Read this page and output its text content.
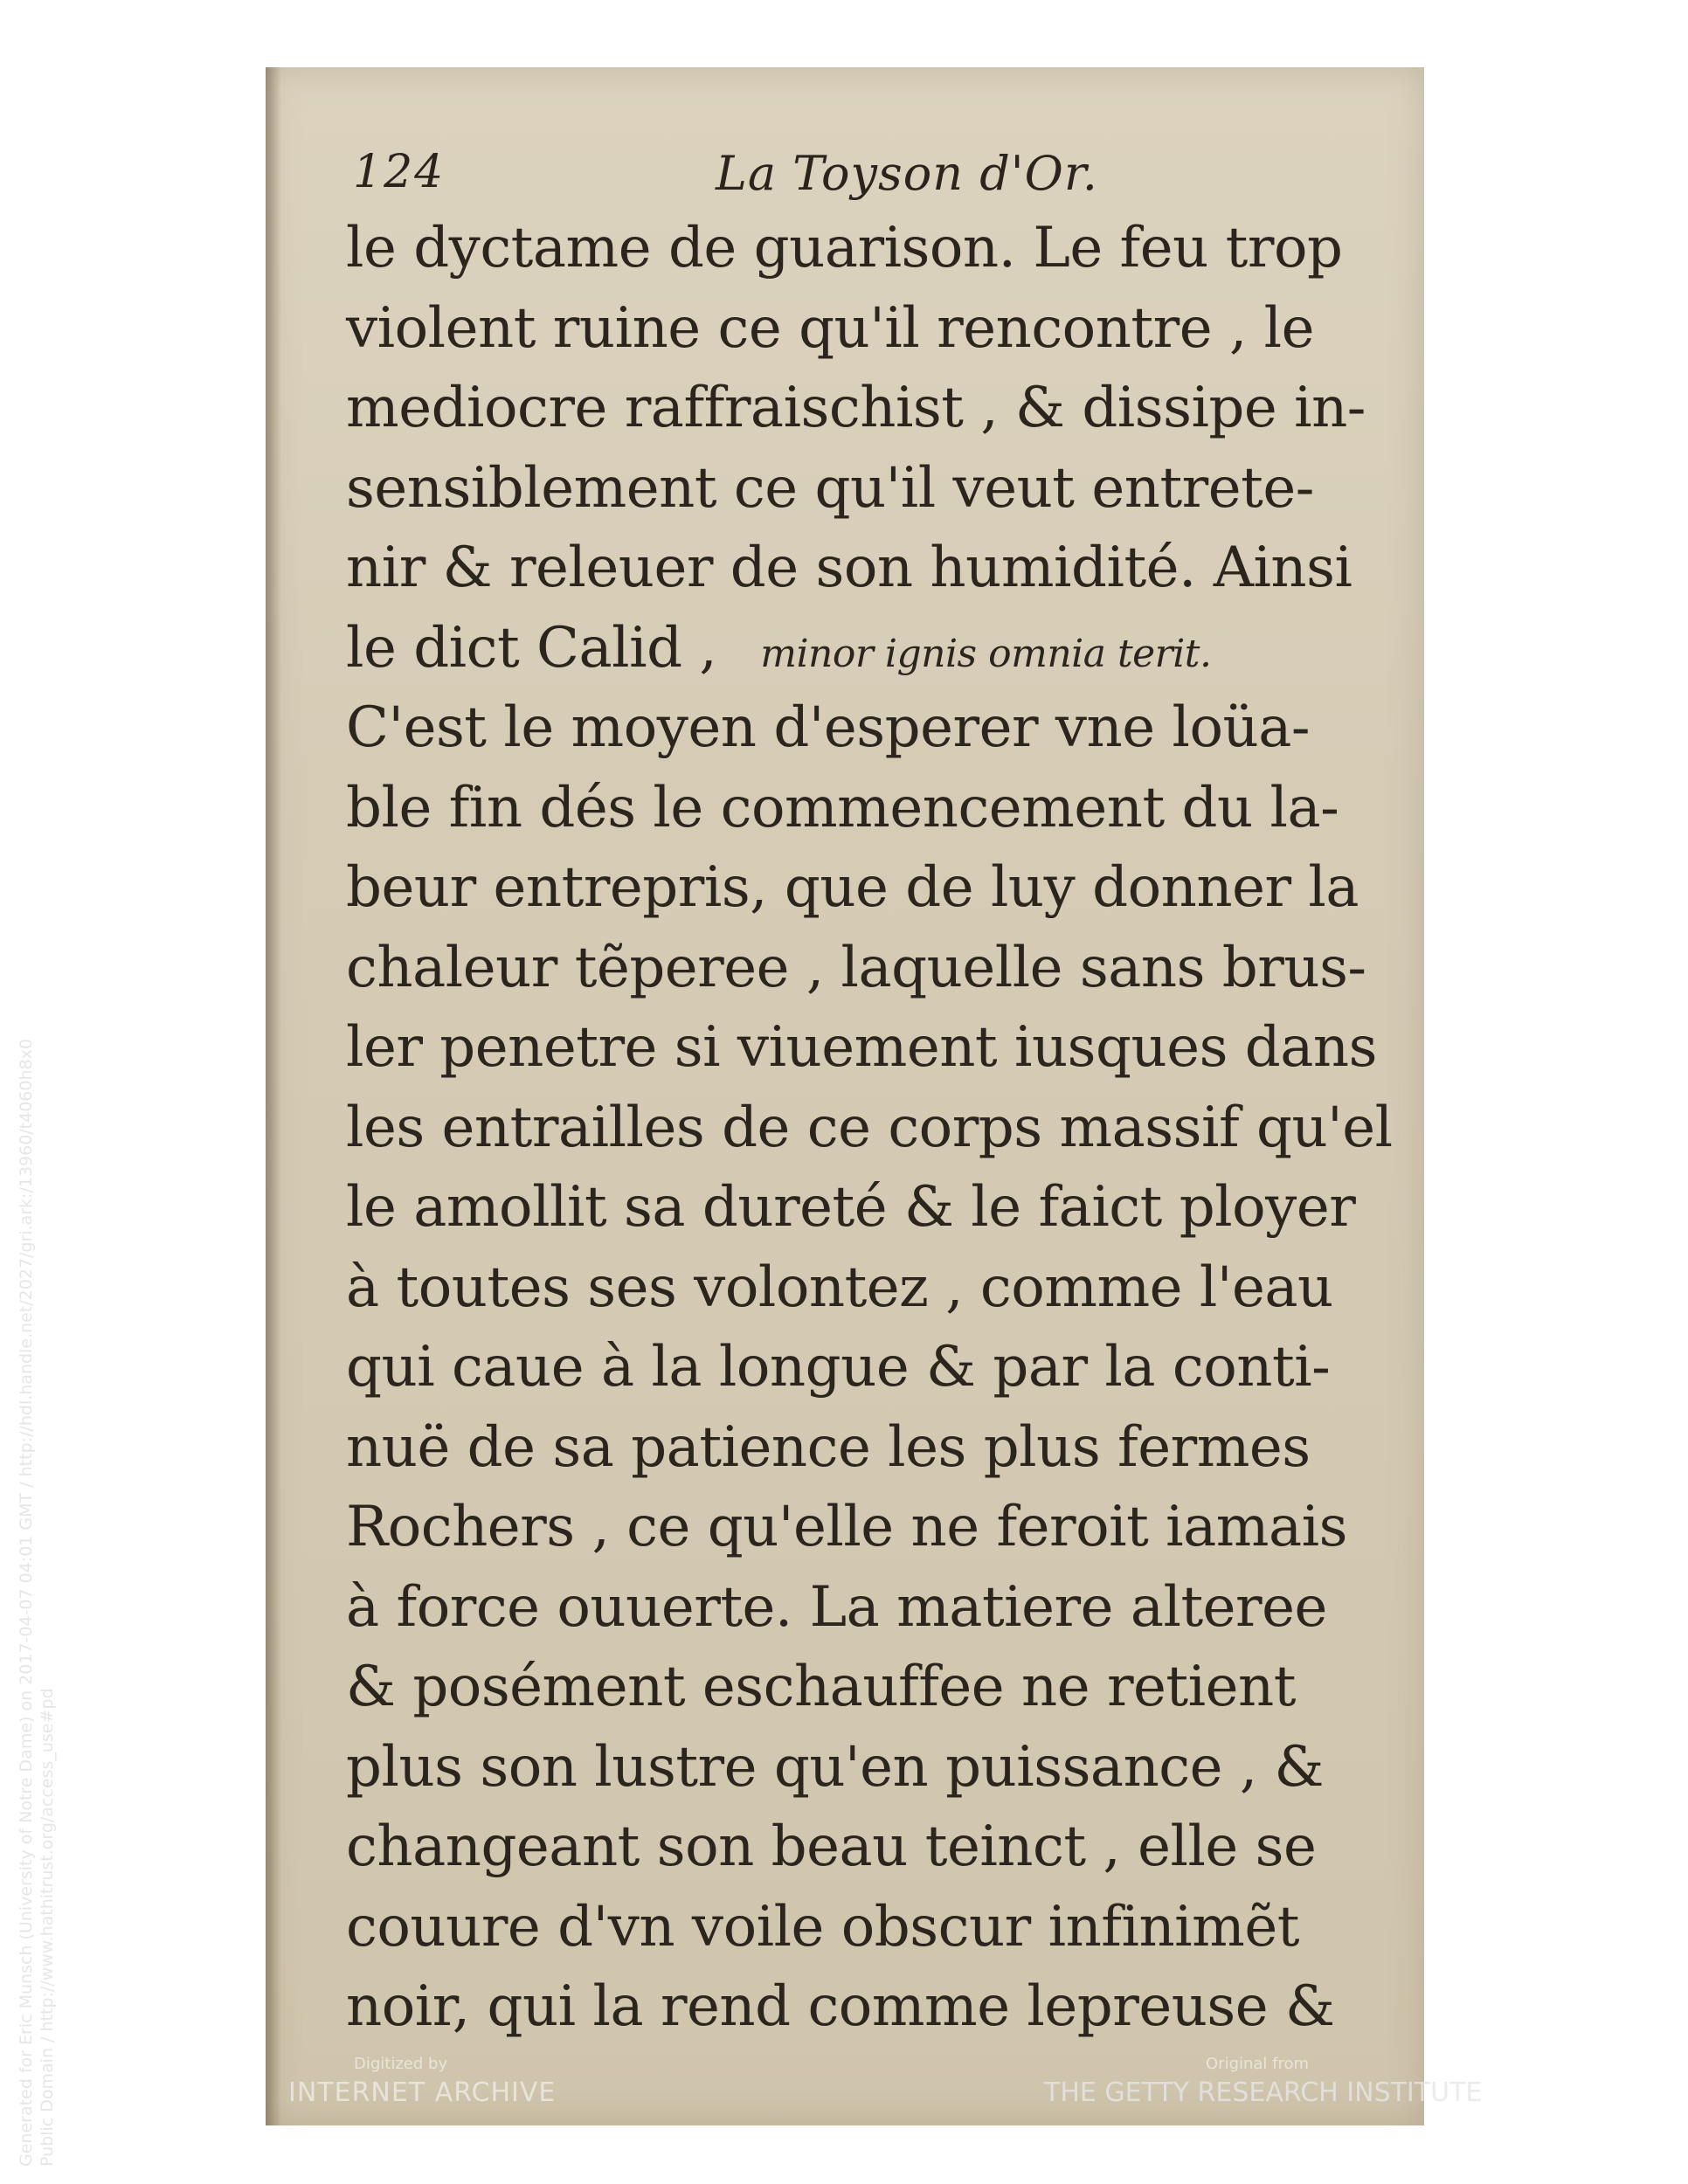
Generated for Eric Munsch (University of Notre Dame) on 2017-04-07 04:01 GMT / http://hdl.handle.net/2027/gri.ark:/13960/t4060h8x0 Public Domain / http://www.hathitrust.org/access_use#pd
124	La Toyson d'Or.
le dyctame de guarison. Le feu trop
violent ruine ce qu'il rencontre , le
mediocre raffraischist , & dissipe in-
sensiblement ce qu'il veut entrete-
nir & releuer de son humidité. Ainsi
le dict Calid , minor ignis omnia terit.
C'est le moyen d'esperer vne loüa-
ble fin dés le commencement du la-
beur entrepris, que de luy donner la
chaleur tẽperee , laquelle sans brus-
ler penetre si viuement iusques dans
les entrailles de ce corps massif qu'el
le amollit sa dureté & le faict ployer
à toutes ses volontez , comme l'eau
qui caue à la longue & par la conti-
nuë de sa patience les plus fermes
Rochers , ce qu'elle ne feroit iamais
à force ouuerte. La matiere alteree
& posément eschauffee ne retient
plus son lustre qu'en puissance , &
changeant son beau teinct , elle se
couure d'vn voile obscur infinimẽt
noir, qui la rend comme lepreuse &
Digitized by
INTERNET ARCHIVE
Original from
THE GETTY RESEARCH INSTITUTE
